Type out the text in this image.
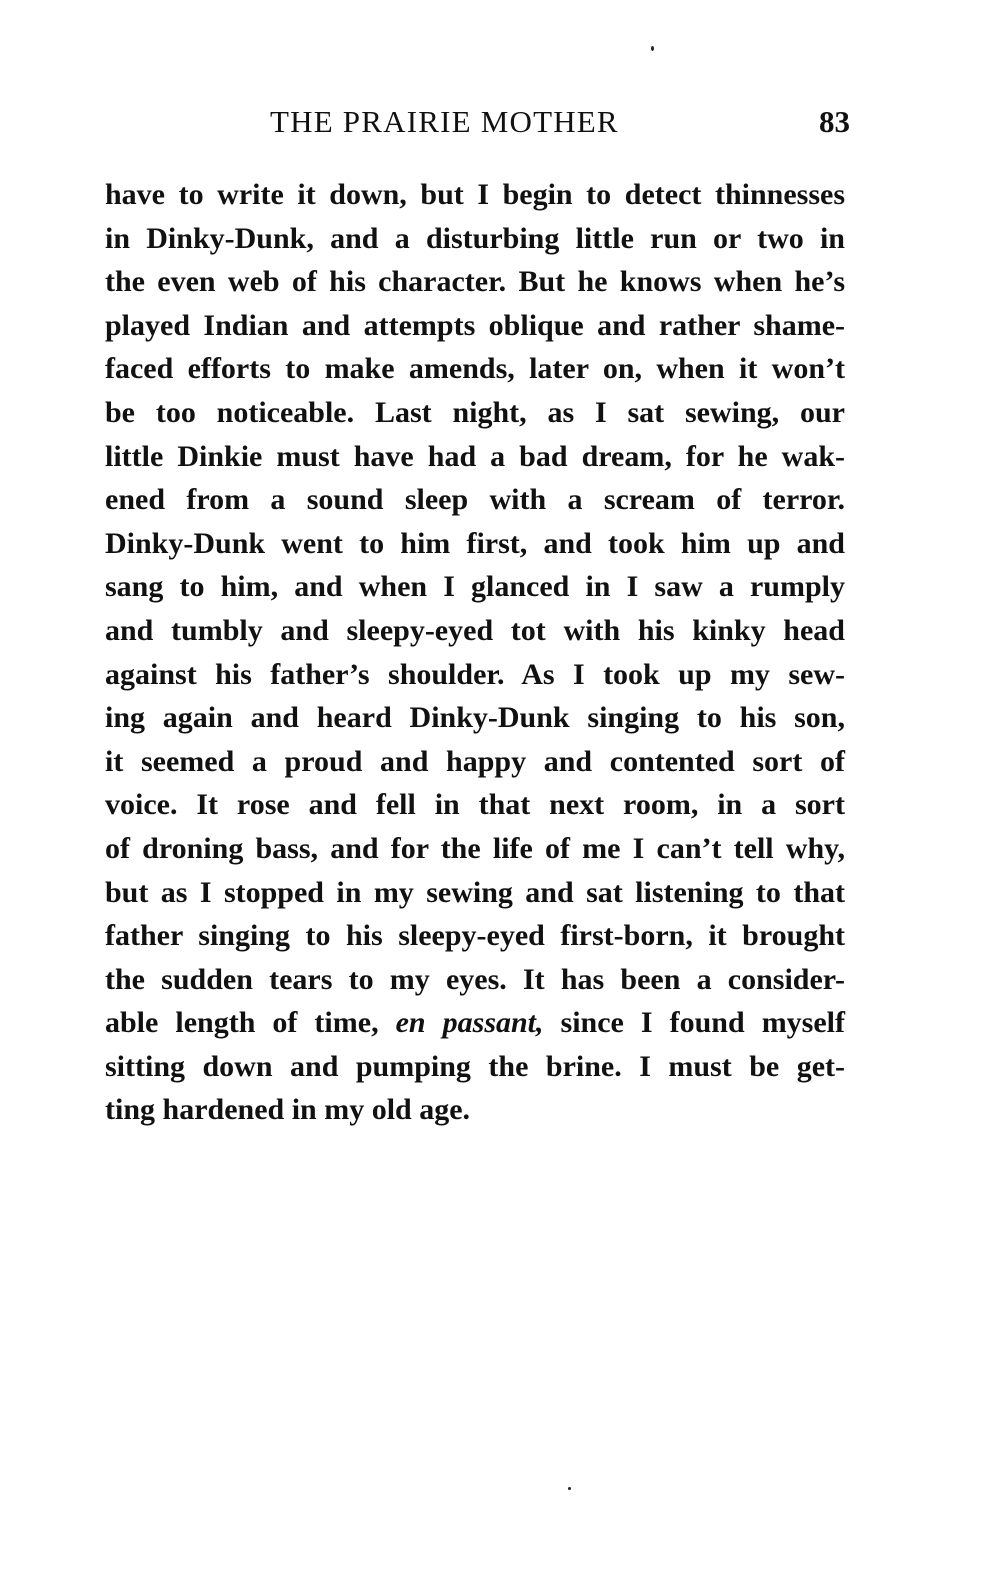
THE PRAIRIE MOTHER	83
have to write it down, but I begin to detect thinnesses
in Dinky-Dunk, and a disturbing little run or two in
the even web of his character. But he knows when he’s
played Indian and attempts oblique and rather shame-
faced efforts to make amends, later on, when it won’t
be too noticeable. Last night, as I sat sewing, our
little Dinkie must have had a bad dream, for he wak-
ened from a sound sleep with a scream of terror.
Dinky-Dunk went to him first, and took him up and
sang to him, and when I glanced in I saw a rumply
and tumbly and sleepy-eyed tot with his kinky head
against his father’s shoulder. As I took up my sew-
ing again and heard Dinky-Dunk singing to his son,
it seemed a proud and happy and contented sort of
voice. It rose and fell in that next room, in a sort
of droning bass, and for the life of me I can’t tell why,
but as I stopped in my sewing and sat listening to that
father singing to his sleepy-eyed first-born, it brought
the sudden tears to my eyes. It has been a consider-
able length of time, en passant, since I found myself
sitting down and pumping the brine. I must be get-
ting hardened in my old age.
